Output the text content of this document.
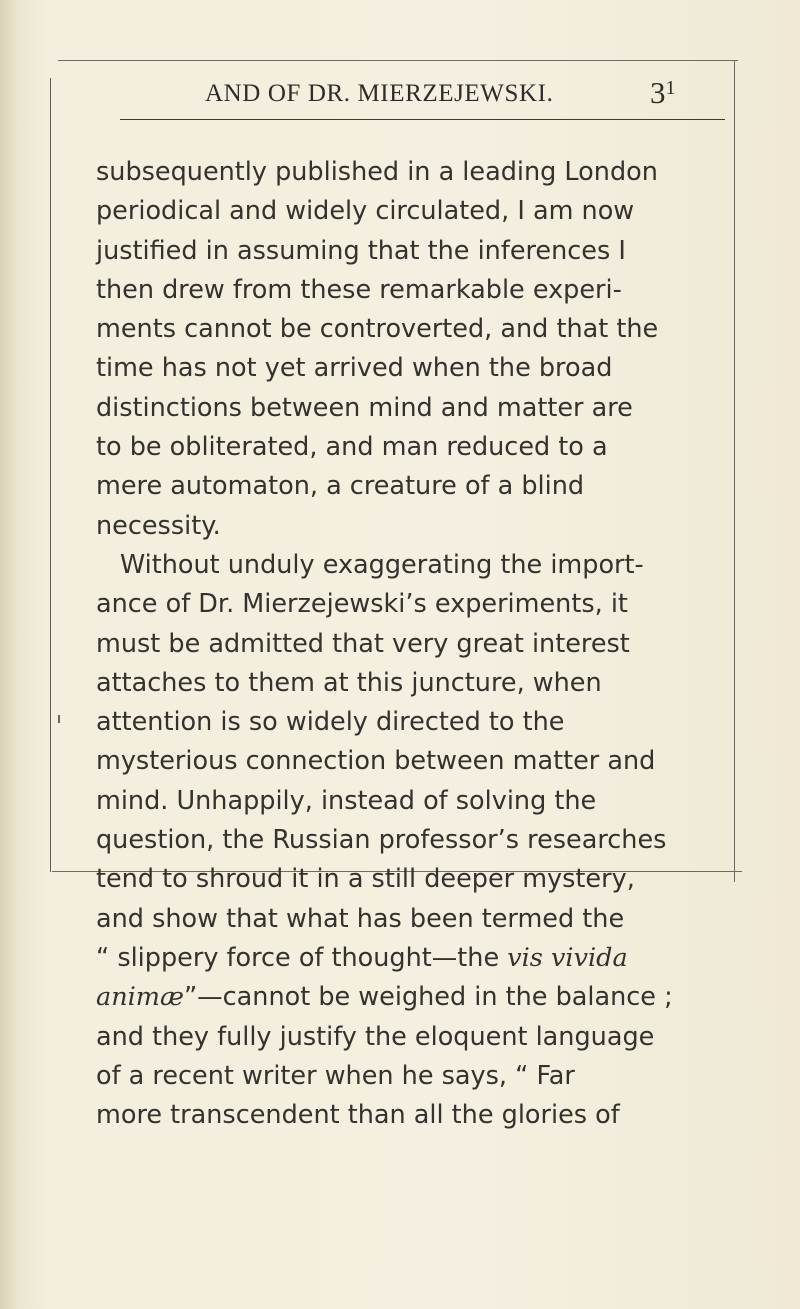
AND OF DR. MIERZEJEWSKI.	$3^1$
subsequently published in a leading London
periodical and widely circulated, I am now
justified in assuming that the inferences I
then drew from these remarkable experi-
ments cannot be controverted, and that the
time has not yet arrived when the broad
distinctions between mind and matter are
to be obliterated, and man reduced to a
mere automaton, a creature of a blind
necessity.
Without unduly exaggerating the import-
ance of Dr. Mierzejewski’s experiments, it
must be admitted that very great interest
attaches to them at this juncture, when
attention is so widely directed to the
mysterious connection between matter and
mind. Unhappily, instead of solving the
question, the Russian professor’s researches
tend to shroud it in a still deeper mystery,
and show that what has been termed the
“ slippery force of thought—the vis vivida
animæ”—cannot be weighed in the balance ;
and they fully justify the eloquent language
of a recent writer when he says, “ Far
more transcendent than all the glories of
